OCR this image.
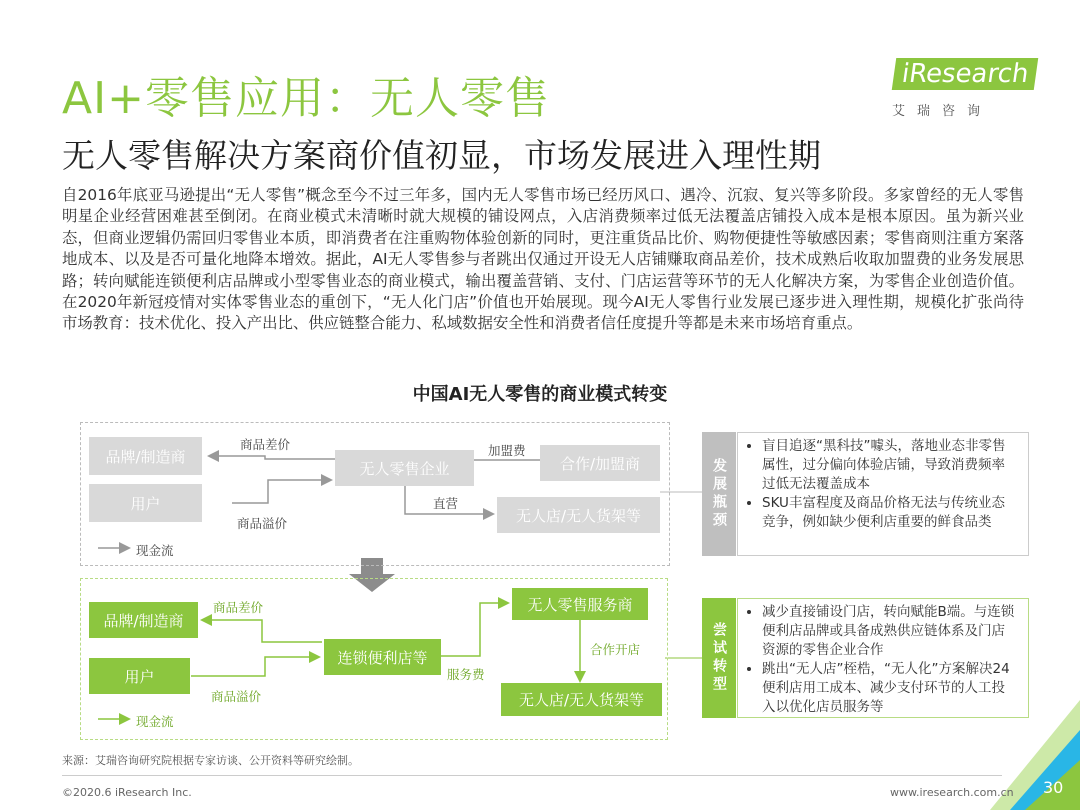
AI+零售应用：无人零售
无人零售解决方案商价值初显，市场发展进入理性期
iResearch
艾瑞咨询
自2016年底亚马逊提出“无人零售”概念至今不过三年多，国内无人零售市场已经历风口、遇冷、沉寂、复兴等多阶段。多家曾经的无人零售明星企业经营困难甚至倒闭。在商业模式未清晰时就大规模的铺设网点，入店消费频率过低无法覆盖店铺投入成本是根本原因。虽为新兴业态，但商业逻辑仍需回归零售业本质，即消费者在注重购物体验创新的同时，更注重货品比价、购物便捷性等敏感因素；零售商则注重方案落地成本、以及是否可量化地降本增效。据此，AI无人零售参与者跳出仅通过开设无人店铺赚取商品差价，技术成熟后收取加盟费的业务发展思路；转向赋能连锁便利店品牌或小型零售业态的商业模式，输出覆盖营销、支付、门店运营等环节的无人化解决方案，为零售企业创造价值。在2020年新冠疫情对实体零售业态的重创下，“无人化门店”价值也开始展现。现今AI无人零售行业发展已逐步进入理性期，规模化扩张尚待市场教育：技术优化、投入产出比、供应链整合能力、私域数据安全性和消费者信任度提升等都是未来市场培育重点。
中国AI无人零售的商业模式转变
品牌/制造商
用户
无人零售企业	合作/加盟商
无人店/无人货架等
商品差价
商品溢价
加盟费
直营
现金流
发展瓶颈
• 盲目追逐“黑科技”噱头，落地业态非零售属性，过分偏向体验店铺，导致消费频率过低无法覆盖成本
• SKU丰富程度及商品价格无法与传统业态竞争，例如缺少便利店重要的鲜食品类
品牌/制造商
用户
连锁便利店等
无人零售服务商
无人店/无人货架等
商品差价
商品溢价
服务费
合作开店
现金流
尝试转型
• 减少直接铺设门店，转向赋能B端。与连锁便利店品牌或具备成熟供应链体系及门店资源的零售企业合作
• 跳出“无人店”桎梏，“无人化”方案解决24便利店用工成本、减少支付环节的人工投入以优化店员服务等
来源：艾瑞咨询研究院根据专家访谈、公开资料等研究绘制。
©2020.6 iResearch Inc.	www.iresearch.com.cn 30
